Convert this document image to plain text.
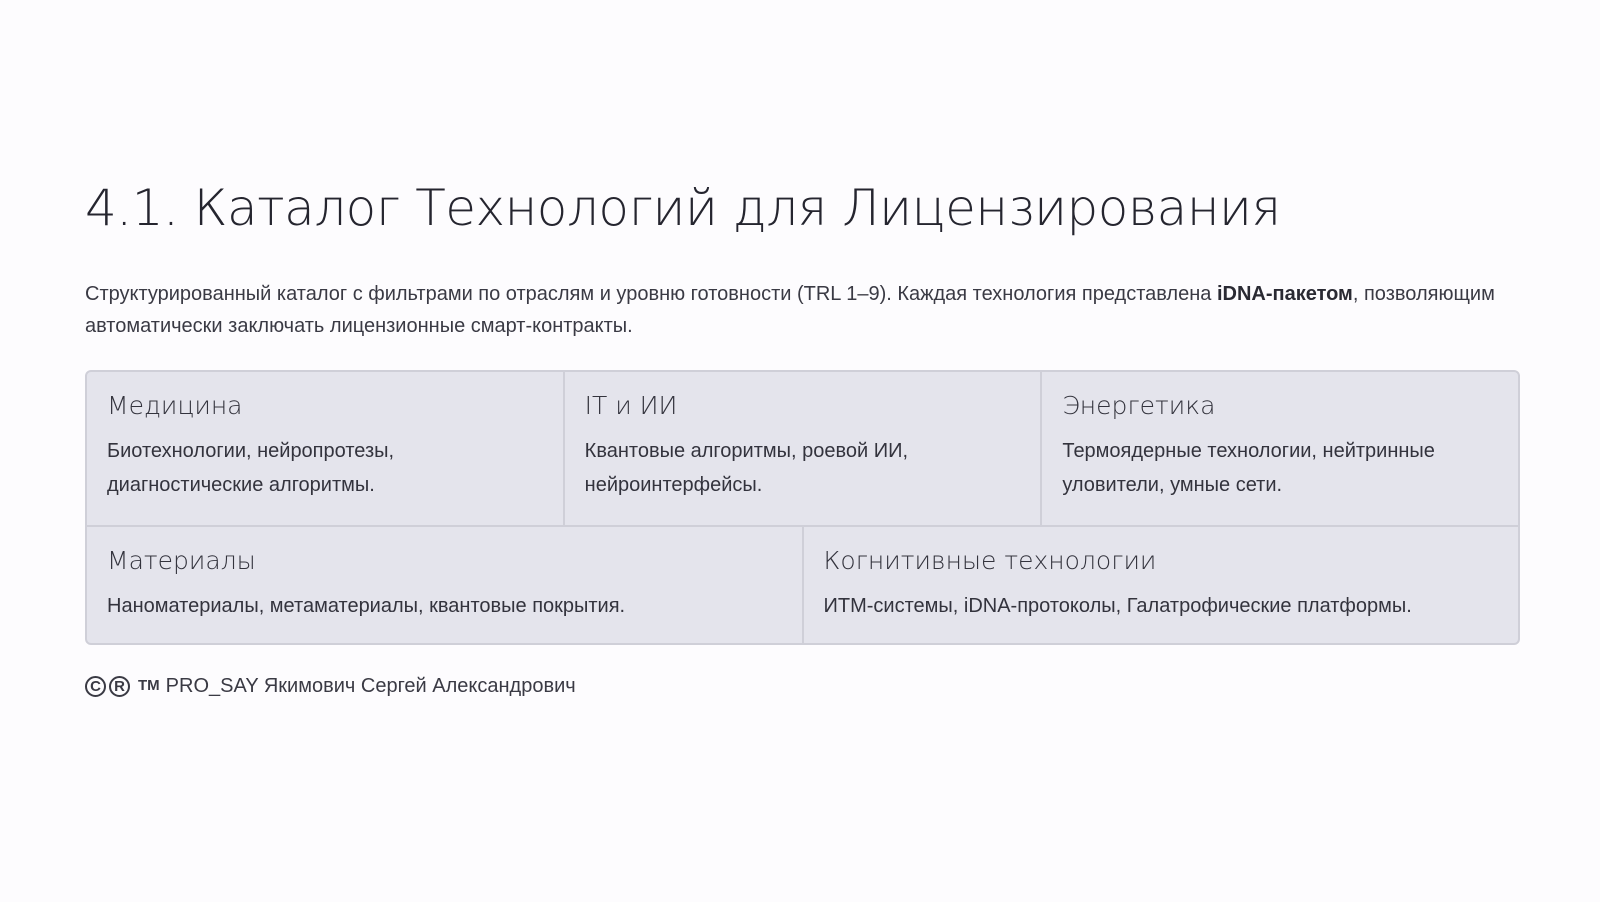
4.1. Каталог Технологий для Лицензирования

Структурированный каталог с фильтрами по отраслям и уровню готовности (TRL 1–9). Каждая технология представлена iDNA-пакетом, позволяющим автоматически заключать лицензионные смарт-контракты.

Медицина

Биотехнологии, нейропротезы, диагностические алгоритмы.

IT и ИИ

Квантовые алгоритмы, роевой ИИ, нейроинтерфейсы.

Энергетика

Термоядерные технологии, нейтринные уловители, умные сети.

Материалы

Наноматериалы, метаматериалы, квантовые покрытия.

Когнитивные технологии

ИТМ-системы, iDNA-протоколы, Галатрофические платформы.

C R TM PRO_SAY Якимович Сергей Александрович
